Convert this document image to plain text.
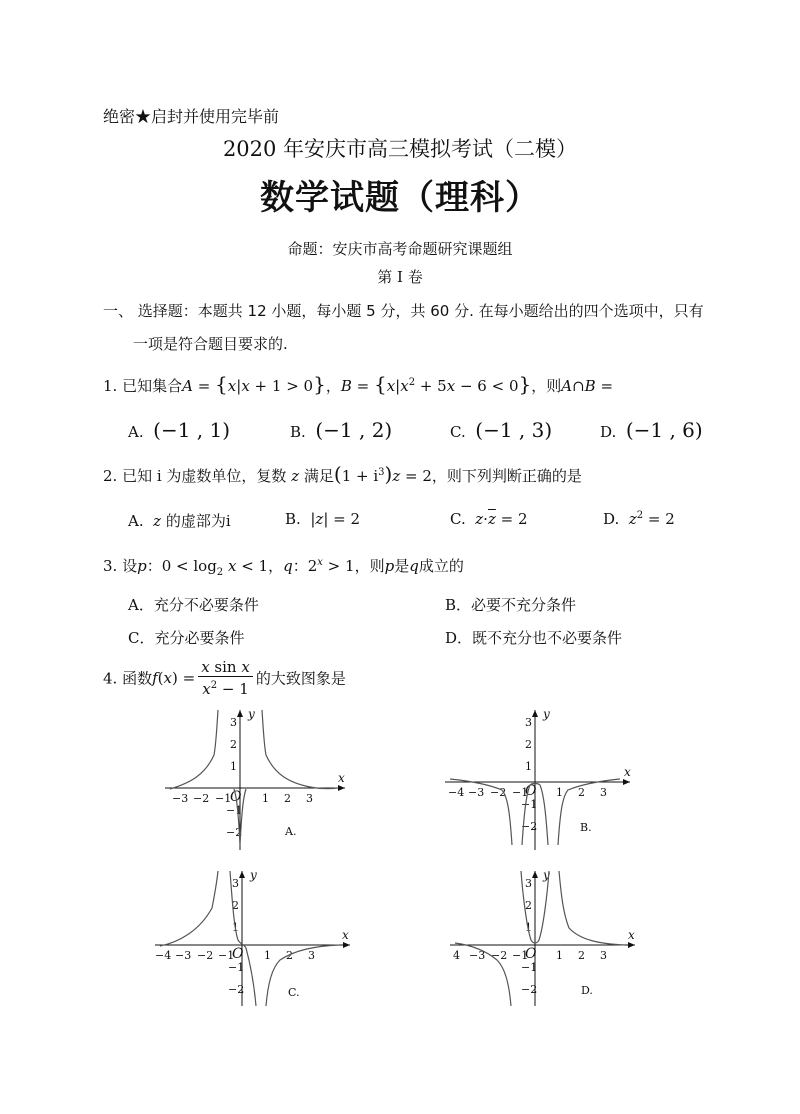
绝密★启封并使用完毕前
2020 年安庆市高三模拟考试（二模）
数学试题（理科）
命题：安庆市高考命题研究课题组
第 Ⅰ 卷
一、 选择题：本题共 12 小题，每小题 5 分，共 60 分. 在每小题给出的四个选项中，只有
一项是符合题目要求的.
1. 已知集合A = {x|x + 1 > 0}，$B = \{x|x^2 + 5x - 6 < 0\}$，则A∩B =
A. (−1 , 1)	B. (−1 , 2)	C. (−1 , 3)	D. (−1 , 6)
2. 已知 i 为虚数单位，复数 z 满足$(1 + i^3)z = 2$，则下列判断正确的是
A. z 的虚部为i	B. |z| = 2	C. $z\cdot\overline{z} = 2$	D. $z^2 = 2$
3. 设p：$0 < \log_2 x < 1$，q：$2^x > 1$，则p是q成立的
A．充分不必要条件	B．必要不充分条件
C．充分必要条件	D．既不充分也不必要条件
4. 函数$f(x) = \frac{\text{x sin x}}{x^2 - 1}$ 的大致图象是
x
y
O
−3 −2 −1	1 2 3
3
2
1
−1
−2	A.
x
y
O
−4 −3 −2 −1	1 2 3
3
2
1
−1
−2	B.
x
y
O
−4 −3 −2 −1	1 2 3
3
2
1
−1
−2	C.
x
y
O
4 −3 −2 −1	1 2 3
3
2
1
−1
−2	D.
